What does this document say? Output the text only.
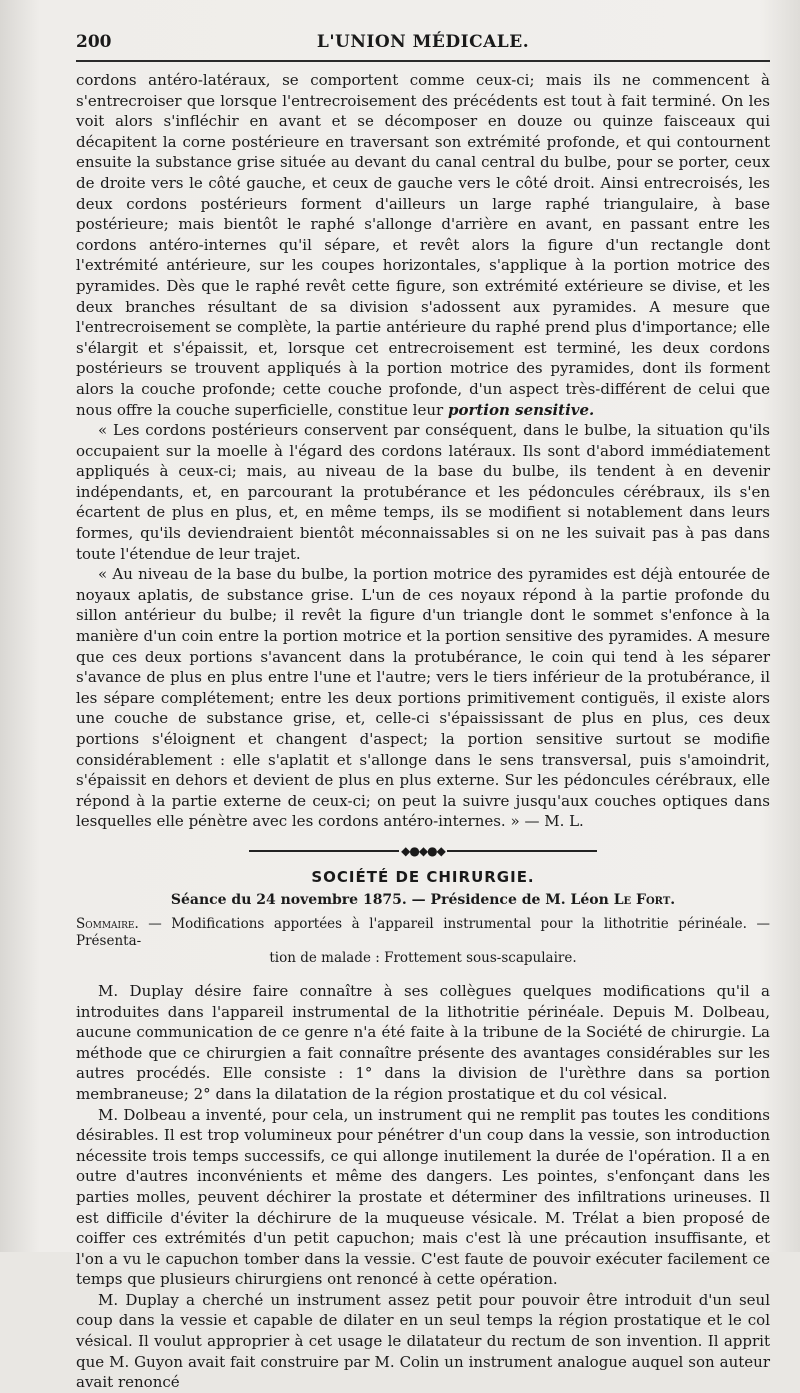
200	L'UNION MÉDICALE.

cordons antéro-latéraux, se comportent comme ceux-ci; mais ils ne commencent à s'entrecroiser que lorsque l'entrecroisement des précédents est tout à fait terminé. On les voit alors s'infléchir en avant et se décomposer en douze ou quinze faisceaux qui décapitent la corne postérieure en traversant son extrémité profonde, et qui contournent ensuite la substance grise située au devant du canal central du bulbe, pour se porter, ceux de droite vers le côté gauche, et ceux de gauche vers le côté droit. Ainsi entrecroisés, les deux cordons postérieurs forment d'ailleurs un large raphé triangulaire, à base postérieure; mais bientôt le raphé s'allonge d'arrière en avant, en passant entre les cordons antéro-internes qu'il sépare, et revêt alors la figure d'un rectangle dont l'extrémité antérieure, sur les coupes horizontales, s'applique à la portion motrice des pyramides. Dès que le raphé revêt cette figure, son extrémité extérieure se divise, et les deux branches résultant de sa division s'adossent aux pyramides. A mesure que l'entrecroisement se complète, la partie antérieure du raphé prend plus d'importance; elle s'élargit et s'épaissit, et, lorsque cet entrecroisement est terminé, les deux cordons postérieurs se trouvent appliqués à la portion motrice des pyramides, dont ils forment alors la couche profonde; cette couche profonde, d'un aspect très-différent de celui que nous offre la couche superficielle, constitue leur portion sensitive.

« Les cordons postérieurs conservent par conséquent, dans le bulbe, la situation qu'ils occupaient sur la moelle à l'égard des cordons latéraux. Ils sont d'abord immédiatement appliqués à ceux-ci; mais, au niveau de la base du bulbe, ils tendent à en devenir indépendants, et, en parcourant la protubérance et les pédoncules cérébraux, ils s'en écartent de plus en plus, et, en même temps, ils se modifient si notablement dans leurs formes, qu'ils deviendraient bientôt méconnaissables si on ne les suivait pas à pas dans toute l'étendue de leur trajet.

« Au niveau de la base du bulbe, la portion motrice des pyramides est déjà entourée de noyaux aplatis, de substance grise. L'un de ces noyaux répond à la partie profonde du sillon antérieur du bulbe; il revêt la figure d'un triangle dont le sommet s'enfonce à la manière d'un coin entre la portion motrice et la portion sensitive des pyramides. A mesure que ces deux portions s'avancent dans la protubérance, le coin qui tend à les séparer s'avance de plus en plus entre l'une et l'autre; vers le tiers inférieur de la protubérance, il les sépare complétement; entre les deux portions primitivement contiguës, il existe alors une couche de substance grise, et, celle-ci s'épaississant de plus en plus, ces deux portions s'éloignent et changent d'aspect; la portion sensitive surtout se modifie considérablement : elle s'aplatit et s'allonge dans le sens transversal, puis s'amoindrit, s'épaissit en dehors et devient de plus en plus externe. Sur les pédoncules cérébraux, elle répond à la partie externe de ceux-ci; on peut la suivre jusqu'aux couches optiques dans lesquelles elle pénètre avec les cordons antéro-internes. » — M. L.

◆●◆●◆
SOCIÉTÉ DE CHIRURGIE.
Séance du 24 novembre 1875. — Présidence de M. Léon Le Fort.
Sommaire. — Modifications apportées à l'appareil instrumental pour la lithotritie périnéale. — Présenta-
tion de malade : Frottement sous-scapulaire.

M. Duplay désire faire connaître à ses collègues quelques modifications qu'il a introduites dans l'appareil instrumental de la lithotritie périnéale. Depuis M. Dolbeau, aucune communication de ce genre n'a été faite à la tribune de la Société de chirurgie. La méthode que ce chirurgien a fait connaître présente des avantages considérables sur les autres procédés. Elle consiste : 1° dans la division de l'urèthre dans sa portion membraneuse; 2° dans la dilatation de la région prostatique et du col vésical.

M. Dolbeau a inventé, pour cela, un instrument qui ne remplit pas toutes les conditions désirables. Il est trop volumineux pour pénétrer d'un coup dans la vessie, son introduction nécessite trois temps successifs, ce qui allonge inutilement la durée de l'opération. Il a en outre d'autres inconvénients et même des dangers. Les pointes, s'enfonçant dans les parties molles, peuvent déchirer la prostate et déterminer des infiltrations urineuses. Il est difficile d'éviter la déchirure de la muqueuse vésicale. M. Trélat a bien proposé de coiffer ces extrémités d'un petit capuchon; mais c'est là une précaution insuffisante, et l'on a vu le capuchon tomber dans la vessie. C'est faute de pouvoir exécuter facilement ce temps que plusieurs chirurgiens ont renoncé à cette opération.

M. Duplay a cherché un instrument assez petit pour pouvoir être introduit d'un seul coup dans la vessie et capable de dilater en un seul temps la région prostatique et le col vésical. Il voulut approprier à cet usage le dilatateur du rectum de son invention. Il apprit que M. Guyon avait fait construire par M. Colin un instrument analogue auquel son auteur avait renoncé
